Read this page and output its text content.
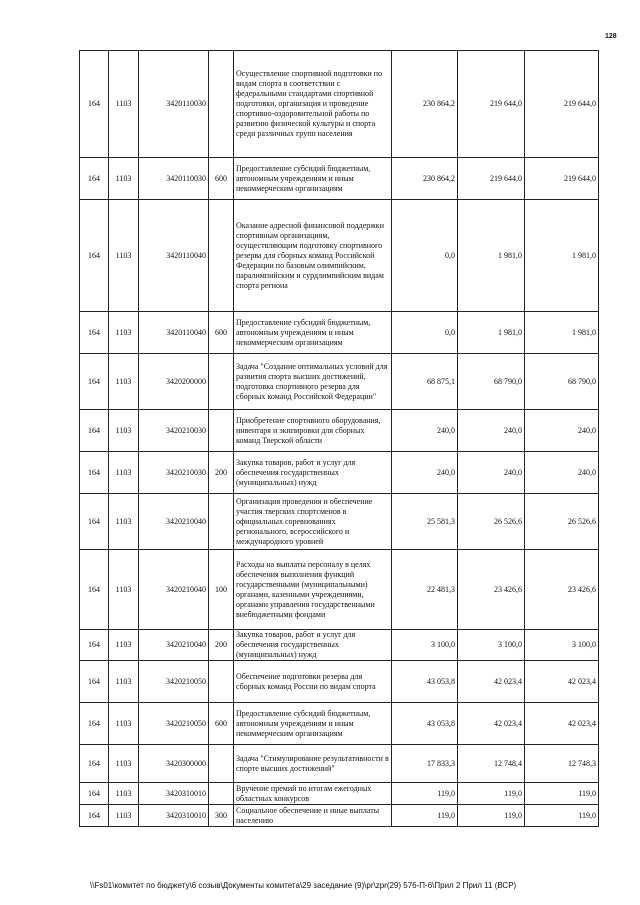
128
164	1103	3420110030		Осуществление спортивной подготовки по видам спорта в соответствии с федеральными стандартами спортивной подготовки, организация и проведение спортивно-оздоровительной работы по развитию физической культуры и спорта среди различных групп населения	230 864,2	219 644,0	219 644,0
164	1103	3420110030	600	Предоставление субсидий бюджетным, автономным учреждениям и иным некоммерческим организациям	230 864,2	219 644,0	219 644,0
164	1103	3420110040		Оказание адресной финансовой поддержки спортивным организациям, осуществляющим подготовку спортивного резерва для сборных команд Российской Федерации по базовым олимпийским, паралимпийским и сурдлимпийским видам спорта региона	0,0	1 981,0	1 981,0
164	1103	3420110040	600	Предоставление субсидий бюджетным, автономным учреждениям и иным некоммерческим организациям	0,0	1 981,0	1 981,0
164	1103	3420200000		Задача "Создание оптимальных условий для развития спорта высших достижений, подготовка спортивного резерва для сборных команд Российской Федерации"	68 875,1	68 790,0	68 790,0
164	1103	3420210030		Приобретение спортивного оборудования, инвентаря и экипировки для сборных команд Тверской области	240,0	240,0	240,0
164	1103	3420210030	200	Закупка товаров, работ и услуг для обеспечения государственных (муниципальных) нужд	240,0	240,0	240,0
164	1103	3420210040		Организация проведения и обеспечение участия тверских спортсменов в официальных соревнованиях регионального, всероссийского и международного уровней	25 581,3	26 526,6	26 526,6
164	1103	3420210040	100	Расходы на выплаты персоналу в целях обеспечения выполнения функций государственными (муниципальными) органами, казенными учреждениями, органами управления государственными внебюджетными фондами	22 481,3	23 426,6	23 426,6
164	1103	3420210040	200	Закупка товаров, работ и услуг для обеспечения государственных (муниципальных) нужд	3 100,0	3 100,0	3 100,0
164	1103	3420210050		Обеспечение подготовки резерва для сборных команд России по видам спорта	43 053,8	42 023,4	42 023,4
164	1103	3420210050	600	Предоставление субсидий бюджетным, автономным учреждениям и иным некоммерческим организациям	43 053,8	42 023,4	42 023,4
164	1103	3420300000		Задача "Стимулирование результативности в спорте высших достижений"	17 833,3	12 748,4	12 748,3
164	1103	3420310010		Вручение премий по итогам ежегодных областных конкурсов	119,0	119,0	119,0
164	1103	3420310010	300	Социальное обеспечение и иные выплаты населению	119,0	119,0	119,0
\\Fs01\комитет по бюджету\6 созыв\Документы комитета\29 заседание (9)\pr\zpr(29) 576-П-6\Прил 2 Прил 11 (ВСР)
